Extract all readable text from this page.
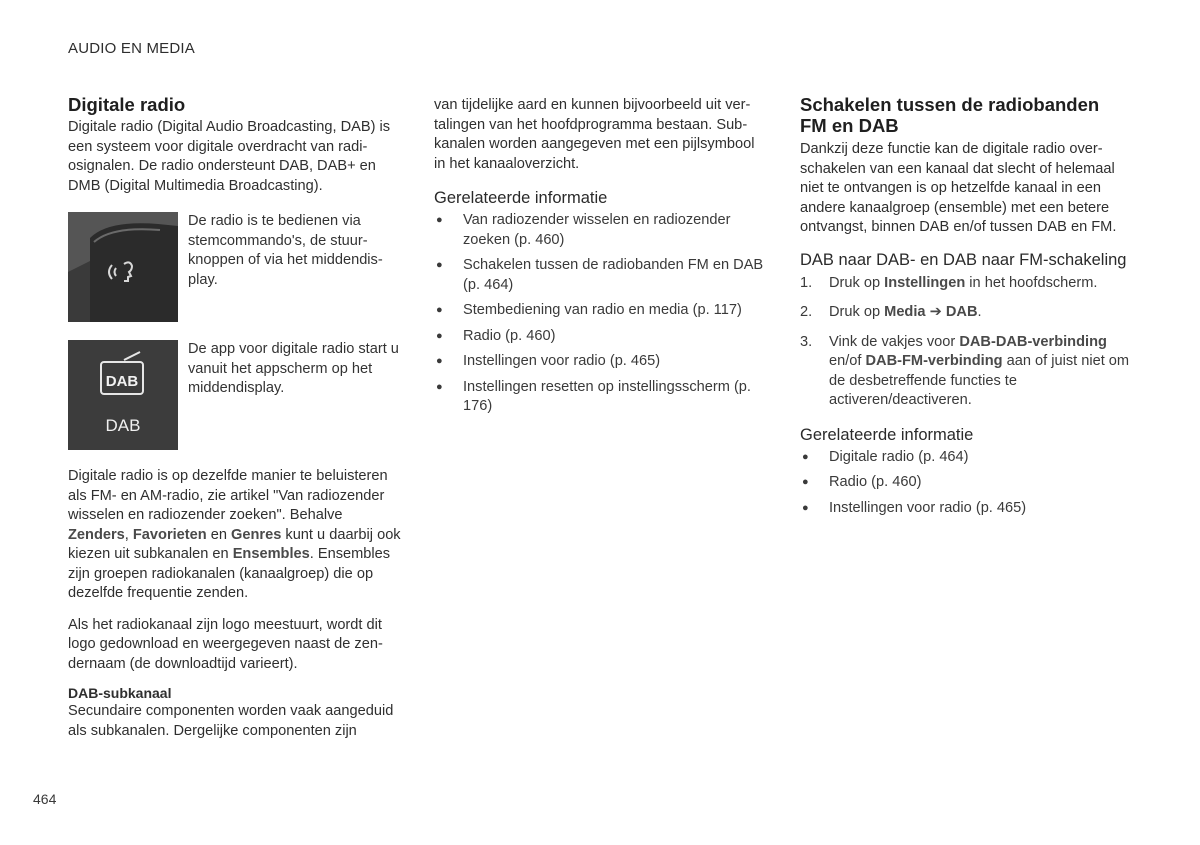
AUDIO EN MEDIA
Digitale radio

Digitale radio (Digital Audio Broadcasting, DAB) is een systeem voor digitale overdracht van radiosignalen. De radio ondersteunt DAB, DAB+ en DMB (Digital Multimedia Broadcasting).

De radio is te bedienen via stemcommando's, de stuurknoppen of via het middendisplay.
DAB
DAB
De app voor digitale radio start u vanuit het appscherm op het middendisplay.

Digitale radio is op dezelfde manier te beluisteren als FM- en AM-radio, zie artikel "Van radiozender wisselen en radiozender zoeken". Behalve Zenders, Favorieten en Genres kunt u daarbij ook kiezen uit subkanalen en Ensembles. Ensembles zijn groepen radiokanalen (kanaalgroep) die op dezelfde frequentie zenden.

Als het radiokanaal zijn logo meestuurt, wordt dit logo gedownload en weergegeven naast de zendernaam (de downloadtijd varieert).

DAB-subkanaal

Secundaire componenten worden vaak aangeduid als subkanalen. Dergelijke componenten zijn

van tijdelijke aard en kunnen bijvoorbeeld uit vertalingen van het hoofdprogramma bestaan. Subkanalen worden aangegeven met een pijlsymbool in het kanaaloverzicht.

Gerelateerde informatie
● Van radiozender wisselen en radiozender zoeken (p. 460)
● Schakelen tussen de radiobanden FM en DAB (p. 464)
● Stembediening van radio en media (p. 117)
● Radio (p. 460)
● Instellingen voor radio (p. 465)
● Instellingen resetten op instellingsscherm (p. 176)
Schakelen tussen de radiobanden FM en DAB

Dankzij deze functie kan de digitale radio overschakelen van een kanaal dat slecht of helemaal niet te ontvangen is op hetzelfde kanaal in een andere kanaalgroep (ensemble) met een betere ontvangst, binnen DAB en/of tussen DAB en FM.

DAB naar DAB- en DAB naar FM-schakeling
1. Druk op Instellingen in het hoofdscherm.
2. Druk op Media ➔ DAB.
3. Vink de vakjes voor DAB-DAB-verbinding en/of DAB-FM-verbinding aan of juist niet om de desbetreffende functies te activeren/deactiveren.
Gerelateerde informatie
● Digitale radio (p. 464)
● Radio (p. 460)
● Instellingen voor radio (p. 465)
464
